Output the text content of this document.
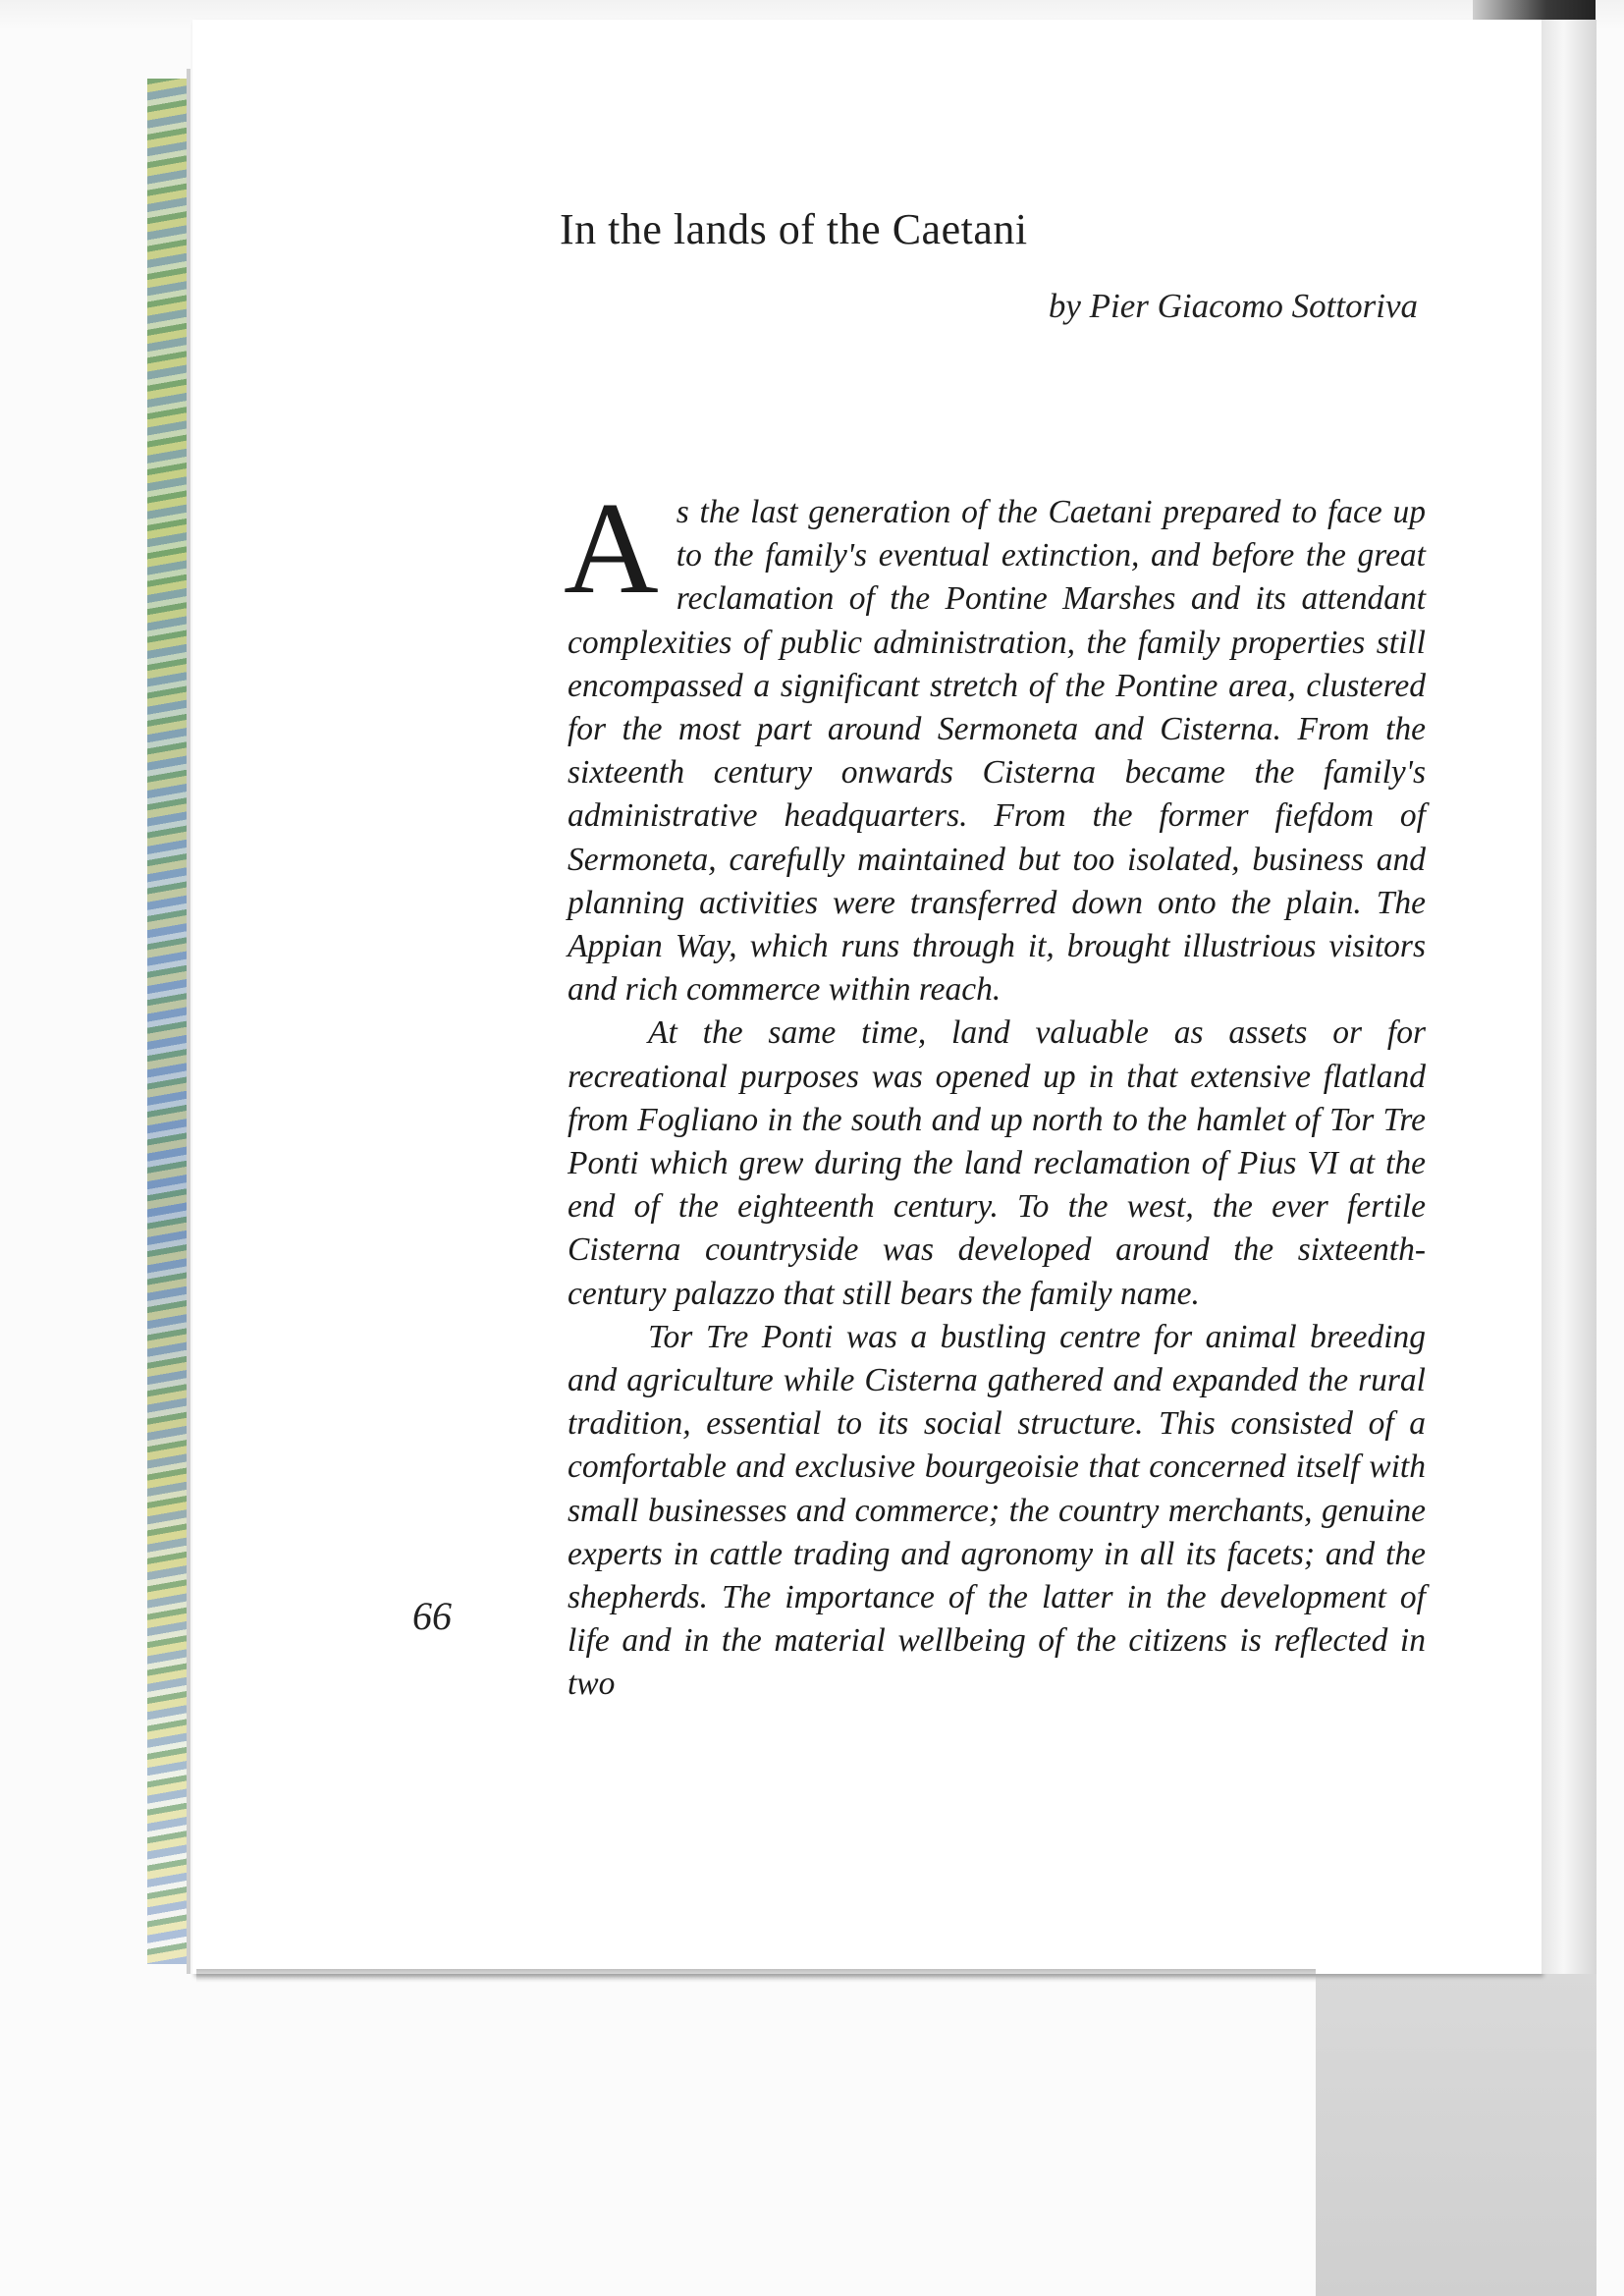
In the lands of the Caetani
by Pier Giacomo Sottoriva

A s the last generation of the Caetani prepared to face up to the family's eventual extinction, and before the great reclamation of the Pontine Marshes and its attendant complexities of public administration, the family properties still encompassed a significant stretch of the Pontine area, clustered for the most part around Sermoneta and Cisterna. From the sixteenth century onwards Cisterna became the family's administrative headquarters. From the former fiefdom of Sermoneta, carefully maintained but too isolated, business and planning activities were transferred down onto the plain. The Appian Way, which runs through it, brought illustrious visitors and rich commerce within reach.

At the same time, land valuable as assets or for recreational purposes was opened up in that extensive flatland from Fogliano in the south and up north to the hamlet of Tor Tre Ponti which grew during the land reclamation of Pius VI at the end of the eighteenth century. To the west, the ever fertile Cisterna countryside was developed around the sixteenth-century palazzo that still bears the family name.

Tor Tre Ponti was a bustling centre for animal breeding and agriculture while Cisterna gathered and expanded the rural tradition, essential to its social structure. This consisted of a comfortable and exclusive bourgeoisie that concerned itself with small businesses and commerce; the country merchants, genuine experts in cattle trading and agronomy in all its facets; and the shepherds. The importance of the latter in the development of life and in the material wellbeing of the citizens is reflected in two

66
